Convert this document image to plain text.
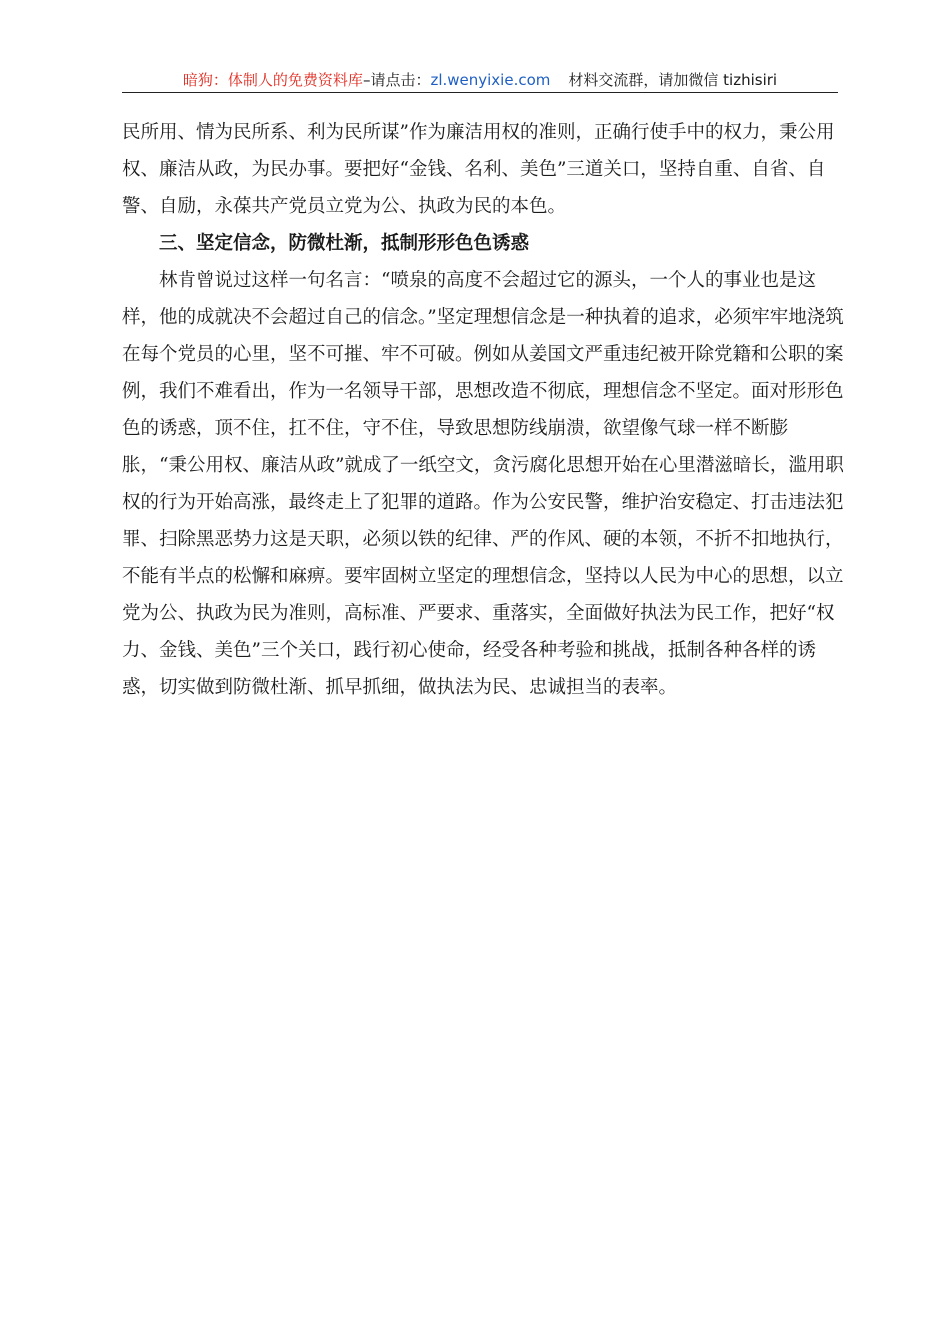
暗狗：体制人的免费资料库–请点击：zl.wenyixie.com 材料交流群，请加微信 tizhisiri

民所用、情为民所系、利为民所谋”作为廉洁用权的准则，正确行使手中的权力，秉公用权、廉洁从政，为民办事。要把好“金钱、名利、美色”三道关口，坚持自重、自省、自警、自励，永葆共产党员立党为公、执政为民的本色。

三、坚定信念，防微杜渐，抵制形形色色诱惑

林肯曾说过这样一句名言：“喷泉的高度不会超过它的源头，一个人的事业也是这样，他的成就决不会超过自己的信念。”坚定理想信念是一种执着的追求，必须牢牢地浇筑在每个党员的心里，坚不可摧、牢不可破。例如从姜国文严重违纪被开除党籍和公职的案例，我们不难看出，作为一名领导干部，思想改造不彻底，理想信念不坚定。面对形形色色的诱惑，顶不住，扛不住，守不住，导致思想防线崩溃，欲望像气球一样不断膨胀，“秉公用权、廉洁从政”就成了一纸空文，贪污腐化思想开始在心里潜滋暗长，滥用职权的行为开始高涨，最终走上了犯罪的道路。作为公安民警，维护治安稳定、打击违法犯罪、扫除黑恶势力这是天职，必须以铁的纪律、严的作风、硬的本领，不折不扣地执行，不能有半点的松懈和麻痹。要牢固树立坚定的理想信念，坚持以人民为中心的思想，以立党为公、执政为民为准则，高标准、严要求、重落实，全面做好执法为民工作，把好“权力、金钱、美色”三个关口，践行初心使命，经受各种考验和挑战，抵制各种各样的诱惑，切实做到防微杜渐、抓早抓细，做执法为民、忠诚担当的表率。
